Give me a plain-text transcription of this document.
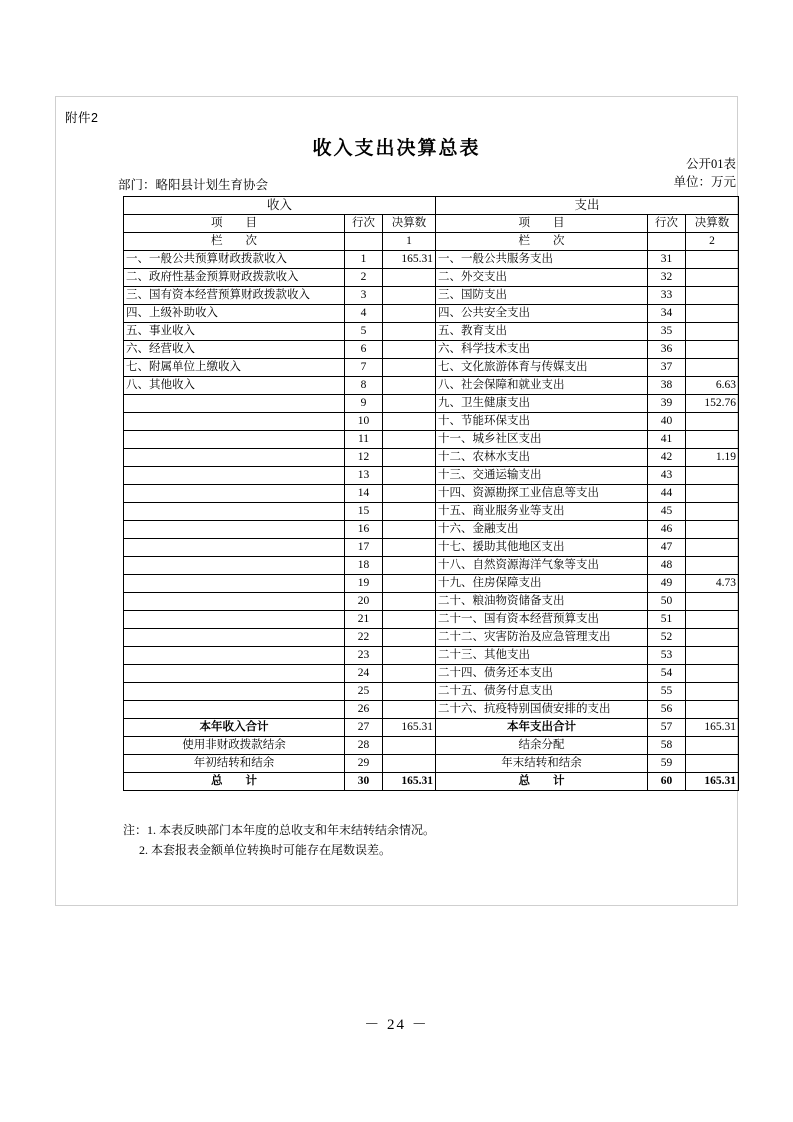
附件2
收入支出决算总表
公开01表
单位：万元
部门：略阳县计划生育协会
收入			支出		
项　　目	行次	决算数	项　　目	行次	决算数
栏　　次		1	栏　　次		2
一、一般公共预算财政拨款收入	1	165.31	一、一般公共服务支出	31	
二、政府性基金预算财政拨款收入	2		二、外交支出	32	
三、国有资本经营预算财政拨款收入	3		三、国防支出	33	
四、上级补助收入	4		四、公共安全支出	34	
五、事业收入	5		五、教育支出	35	
六、经营收入	6		六、科学技术支出	36	
七、附属单位上缴收入	7		七、文化旅游体育与传媒支出	37	
八、其他收入	8		八、社会保障和就业支出	38	6.63
	9		九、卫生健康支出	39	152.76
	10		十、节能环保支出	40	
	11		十一、城乡社区支出	41	
	12		十二、农林水支出	42	1.19
	13		十三、交通运输支出	43	
	14		十四、资源勘探工业信息等支出	44	
	15		十五、商业服务业等支出	45	
	16		十六、金融支出	46	
	17		十七、援助其他地区支出	47	
	18		十八、自然资源海洋气象等支出	48	
	19		十九、住房保障支出	49	4.73
	20		二十、粮油物资储备支出	50	
	21		二十一、国有资本经营预算支出	51	
	22		二十二、灾害防治及应急管理支出	52	
	23		二十三、其他支出	53	
	24		二十四、债务还本支出	54	
	25		二十五、债务付息支出	55	
	26		二十六、抗疫特别国债安排的支出	56	
本年收入合计	27	165.31	本年支出合计	57	165.31
使用非财政拨款结余	28		结余分配	58	
年初结转和结余	29		年末结转和结余	59	
总　　计	30	165.31	总　　计	60	165.31
注：1. 本表反映部门本年度的总收支和年末结转结余情况。
2. 本套报表金额单位转换时可能存在尾数误差。
－ 24 －
